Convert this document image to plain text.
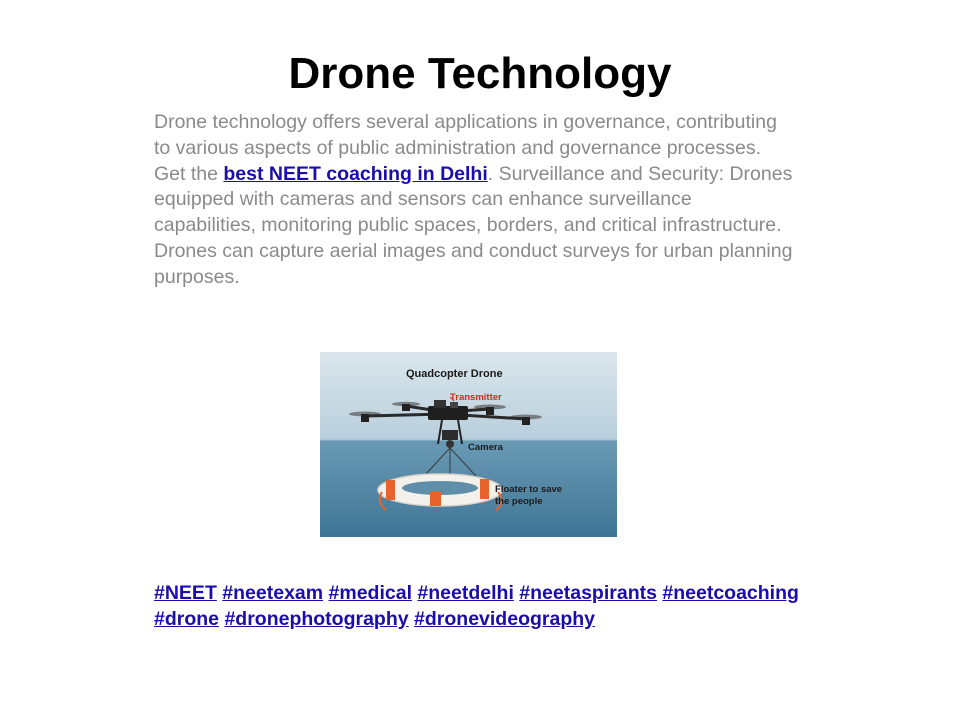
Drone Technology

Drone technology offers several applications in governance, contributing to various aspects of public administration and governance processes. Get the best NEET coaching in Delhi. Surveillance and Security: Drones equipped with cameras and sensors can enhance surveillance capabilities, monitoring public spaces, borders, and critical infrastructure. Drones can capture aerial images and conduct surveys for urban planning purposes.

Quadcopter Drone
Transmitter
Camera
Floater to save
the people

#NEET #neetexam #medical #neetdelhi #neetaspirants #neetcoaching #drone #dronephotography #dronevideography
